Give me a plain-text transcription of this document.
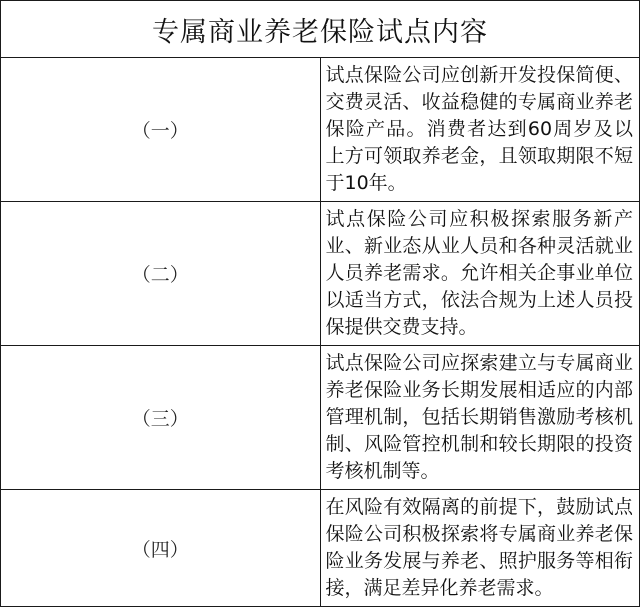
专属商业养老保险试点内容	
（一）	试点保险公司应创新开发投保简便、交费灵活、收益稳健的专属商业养老保险产品。消费者达到60周岁及以上方可领取养老金，且领取期限不短于10年。
（二）	试点保险公司应积极探索服务新产业、新业态从业人员和各种灵活就业人员养老需求。允许相关企事业单位以适当方式，依法合规为上述人员投保提供交费支持。
（三）	试点保险公司应探索建立与专属商业养老保险业务长期发展相适应的内部管理机制，包括长期销售激励考核机制、风险管控机制和较长期限的投资考核机制等。
（四）	在风险有效隔离的前提下，鼓励试点保险公司积极探索将专属商业养老保险业务发展与养老、照护服务等相衔接，满足差异化养老需求。
